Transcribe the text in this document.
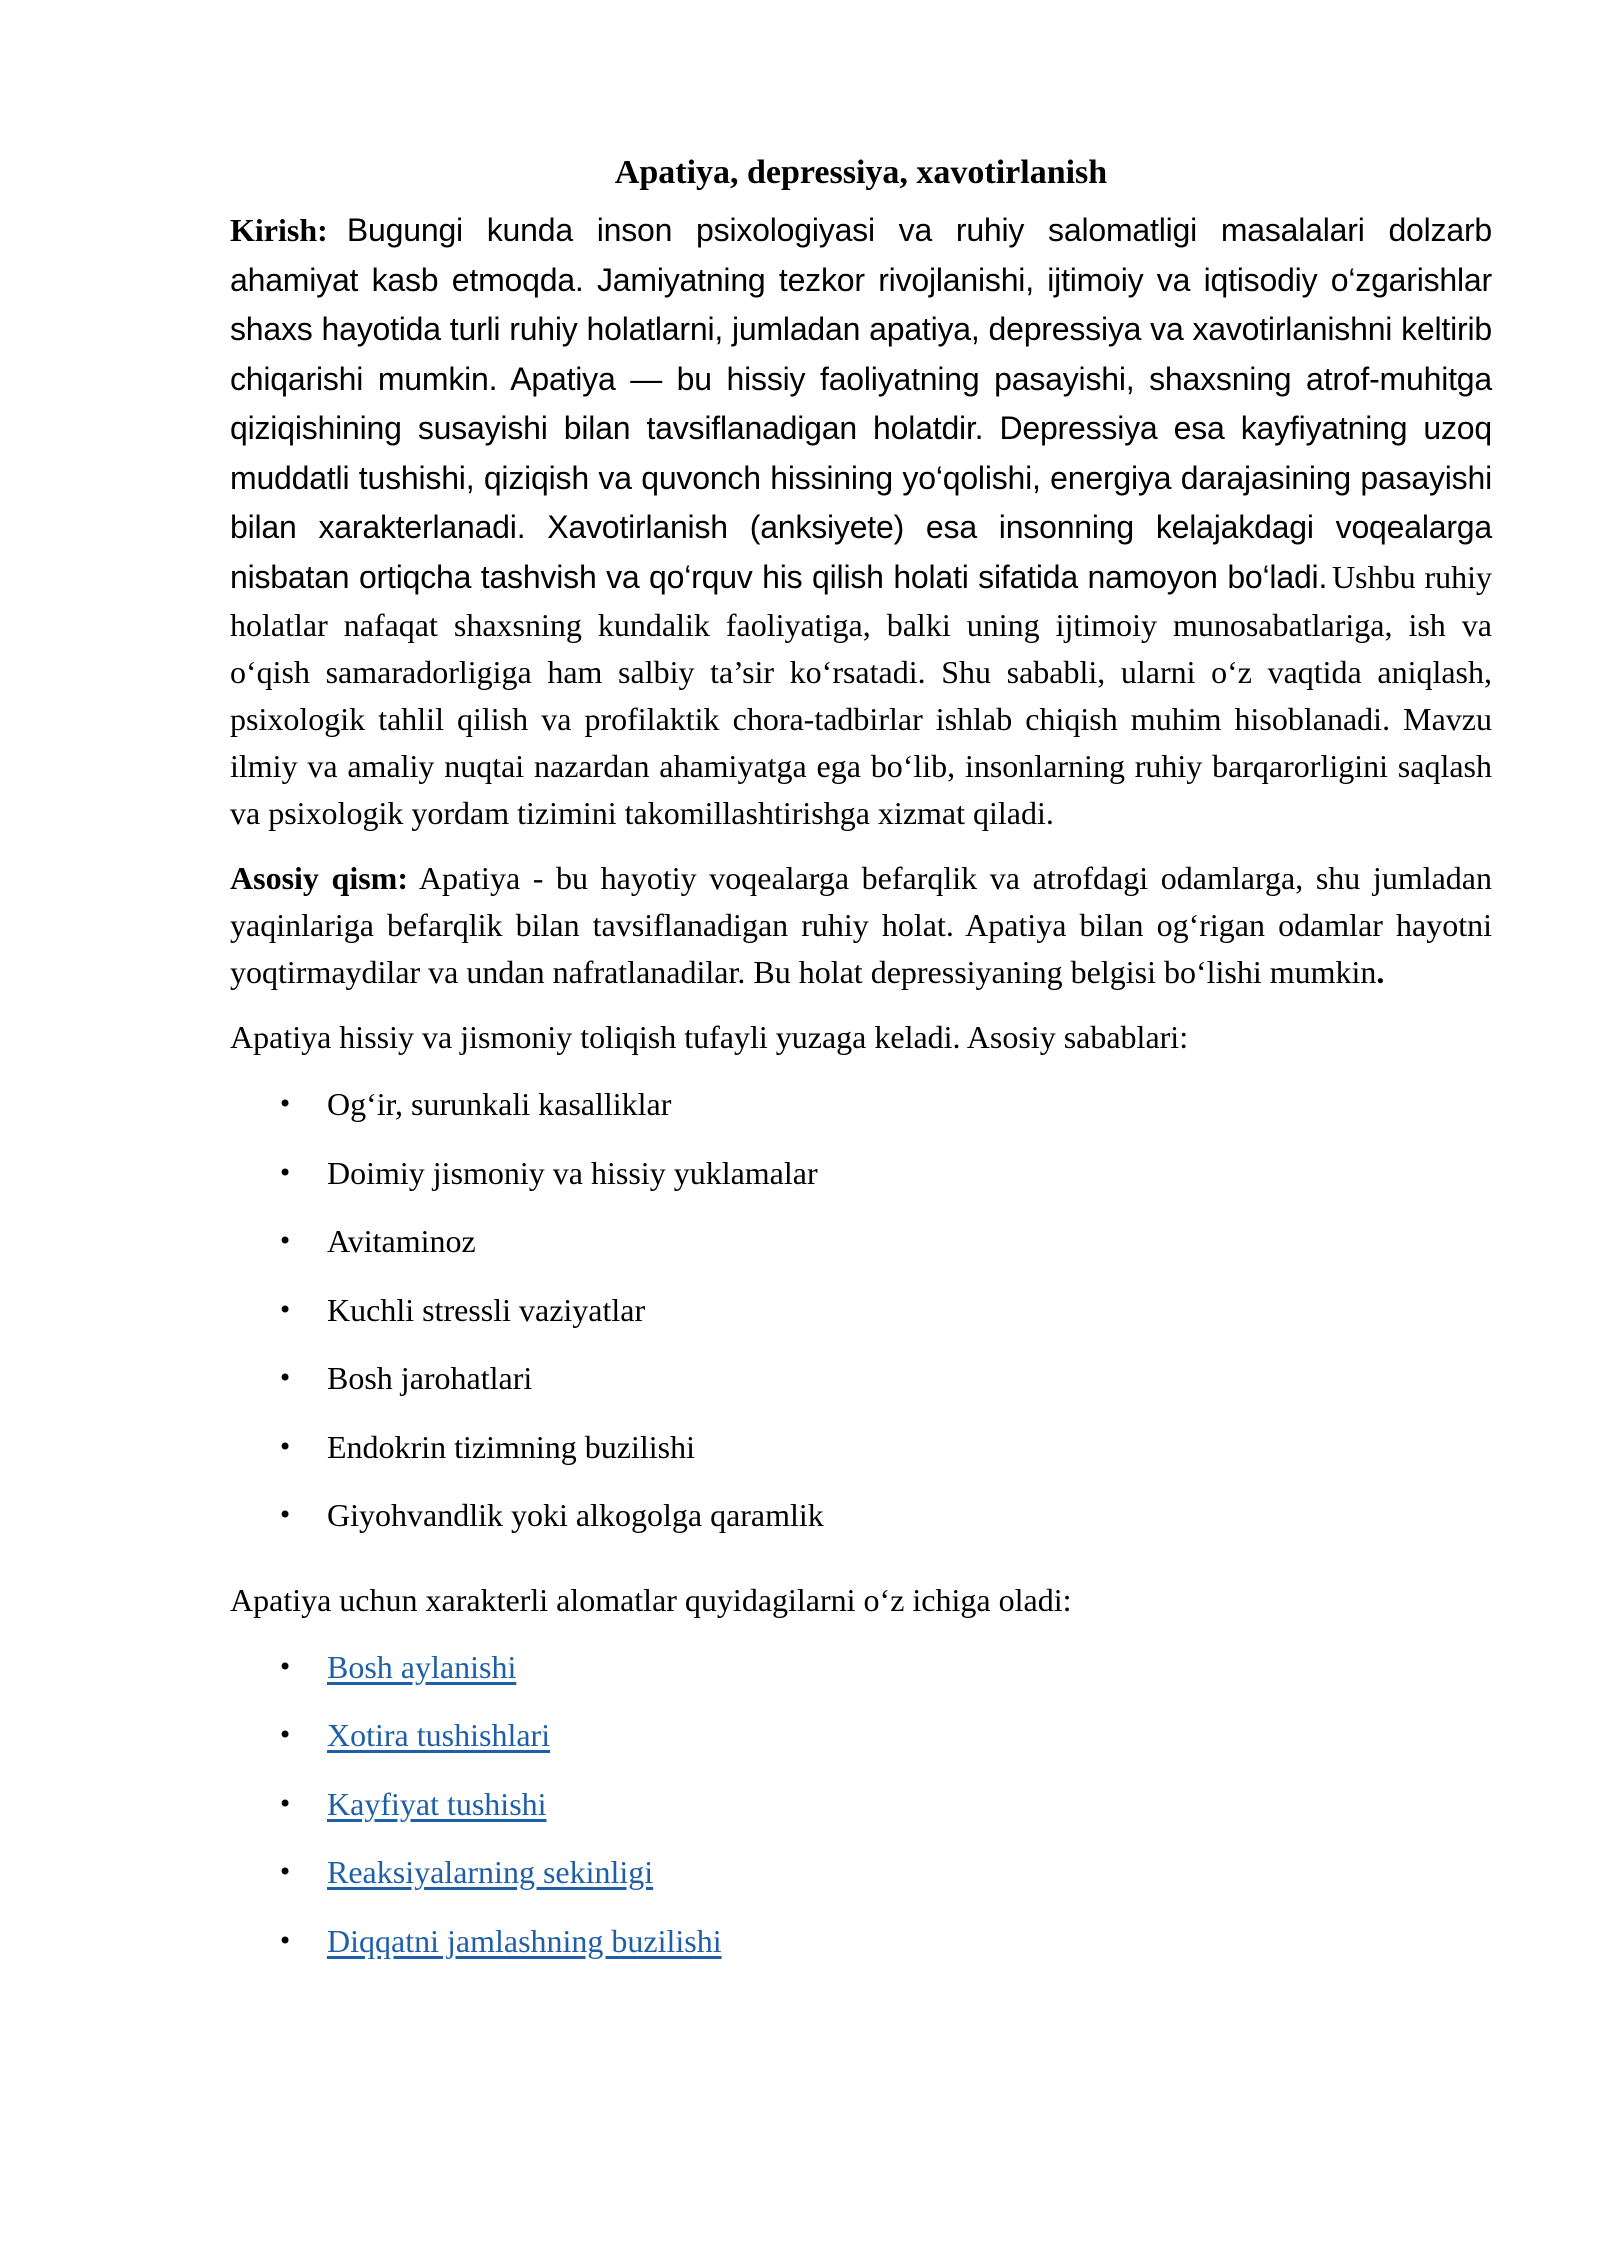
Apatiya, depressiya, xavotirlanish

Kirish: Bugungi kunda inson psixologiyasi va ruhiy salomatligi masalalari dolzarb ahamiyat kasb etmoqda. Jamiyatning tezkor rivojlanishi, ijtimoiy va iqtisodiy o‘zgarishlar shaxs hayotida turli ruhiy holatlarni, jumladan apatiya, depressiya va xavotirlanishni keltirib chiqarishi mumkin. Apatiya — bu hissiy faoliyatning pasayishi, shaxsning atrof-muhitga qiziqishining susayishi bilan tavsiflanadigan holatdir. Depressiya esa kayfiyatning uzoq muddatli tushishi, qiziqish va quvonch hissining yo‘qolishi, energiya darajasining pasayishi bilan xarakterlanadi. Xavotirlanish (anksiyete) esa insonning kelajakdagi voqealarga nisbatan ortiqcha tashvish va qo‘rquv his qilish holati sifatida namoyon bo‘ladi. Ushbu ruhiy holatlar nafaqat shaxsning kundalik faoliyatiga, balki uning ijtimoiy munosabatlariga, ish va o‘qish samaradorligiga ham salbiy ta’sir ko‘rsatadi. Shu sababli, ularni o‘z vaqtida aniqlash, psixologik tahlil qilish va profilaktik chora-tadbirlar ishlab chiqish muhim hisoblanadi. Mavzu ilmiy va amaliy nuqtai nazardan ahamiyatga ega bo‘lib, insonlarning ruhiy barqarorligini saqlash va psixologik yordam tizimini takomillashtirishga xizmat qiladi.

Asosiy qism: Apatiya - bu hayotiy voqealarga befarqlik va atrofdagi odamlarga, shu jumladan yaqinlariga befarqlik bilan tavsiflanadigan ruhiy holat. Apatiya bilan og‘rigan odamlar hayotni yoqtirmaydilar va undan nafratlanadilar. Bu holat depressiyaning belgisi bo‘lishi mumkin.

Apatiya hissiy va jismoniy toliqish tufayli yuzaga keladi. Asosiy sabablari:

• Og‘ir, surunkali kasalliklar
• Doimiy jismoniy va hissiy yuklamalar
• Avitaminoz
• Kuchli stressli vaziyatlar
• Bosh jarohatlari
• Endokrin tizimning buzilishi
• Giyohvandlik yoki alkogolga qaramlik

Apatiya uchun xarakterli alomatlar quyidagilarni o‘z ichiga oladi:

• Bosh aylanishi
• Xotira tushishlari
• Kayfiyat tushishi
• Reaksiyalarning sekinligi
• Diqqatni jamlashning buzilishi
